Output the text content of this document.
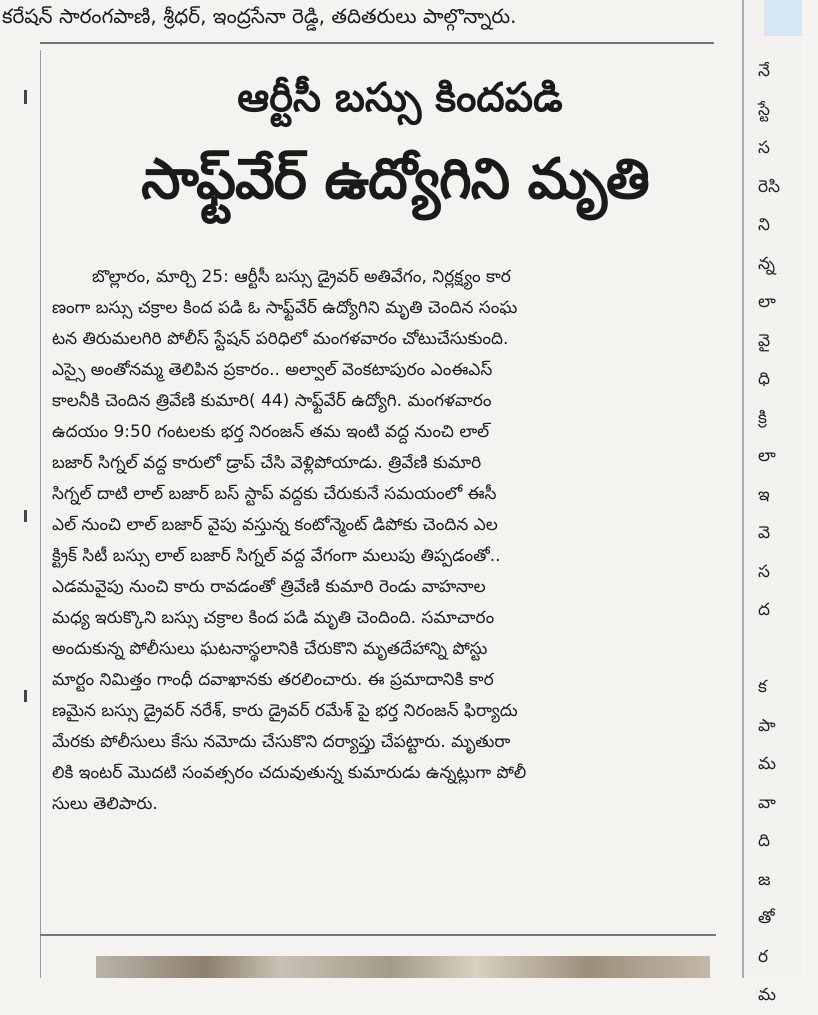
కరేషన్ సారంగపాణి, శ్రీధర్, ఇంద్రసేనా రెడ్డి, తదితరులు పాల్గొన్నారు.
నే
స్టే
స
రెసి
ని
న్న
లా
వై
ధి
క్రి
లా
ఇ
వె
స
ద

క
పా
మ
వా
ది
జ
తో
ర
మ
ఆర్టీసీ బస్సు కిందపడి
సాఫ్ట్‌వేర్ ఉద్యోగిని మృతి
బొల్లారం, మార్చి 25: ఆర్టీసీ బస్సు డ్రైవర్ అతివేగం, నిర్లక్ష్యం కార
ణంగా బస్సు చక్రాల కింద పడి ఓ సాఫ్ట్‌వేర్ ఉద్యోగిని మృతి చెందిన సంఘ
టన తిరుమలగిరి పోలీస్ స్టేషన్ పరిధిలో మంగళవారం చోటుచేసుకుంది.
ఎస్సై అంతోనమ్మ తెలిపిన ప్రకారం.. అల్వాల్ వెంకటాపురం ఎంఈఎస్
కాలనీకి చెందిన త్రివేణి కుమారి( 44) సాఫ్ట్‌వేర్ ఉద్యోగి. మంగళవారం
ఉదయం 9:50 గంటలకు భర్త నిరంజన్ తమ ఇంటి వద్ద నుంచి లాల్
బజార్ సిగ్నల్ వద్ద కారులో డ్రాప్ చేసి వెళ్లిపోయాడు. త్రివేణి కుమారి
సిగ్నల్ దాటి లాల్ బజార్ బస్ స్టాప్ వద్దకు చేరుకునే సమయంలో ఈసీ
ఎల్ నుంచి లాల్ బజార్ వైపు వస్తున్న కంటోన్మెంట్ డిపోకు చెందిన ఎల
క్ట్రిక్ సిటీ బస్సు లాల్ బజార్ సిగ్నల్ వద్ద వేగంగా మలుపు తిప్పడంతో..
ఎడమవైపు నుంచి కారు రావడంతో త్రివేణి కుమారి రెండు వాహనాల
మధ్య ఇరుక్కొని బస్సు చక్రాల కింద పడి మృతి చెందింది. సమాచారం
అందుకున్న పోలీసులు ఘటనాస్థలానికి చేరుకొని మృతదేహాన్ని పోస్టు
మార్టం నిమిత్తం గాంధీ దవాఖానకు తరలించారు. ఈ ప్రమాదానికి కార
ణమైన బస్సు డ్రైవర్ నరేశ్, కారు డ్రైవర్ రమేశ్ పై భర్త నిరంజన్ ఫిర్యాదు
మేరకు పోలీసులు కేసు నమోదు చేసుకొని దర్యాప్తు చేపట్టారు. మృతురా
లికి ఇంటర్ మొదటి సంవత్సరం చదువుతున్న కుమారుడు ఉన్నట్లుగా పోలీ
సులు తెలిపారు.
